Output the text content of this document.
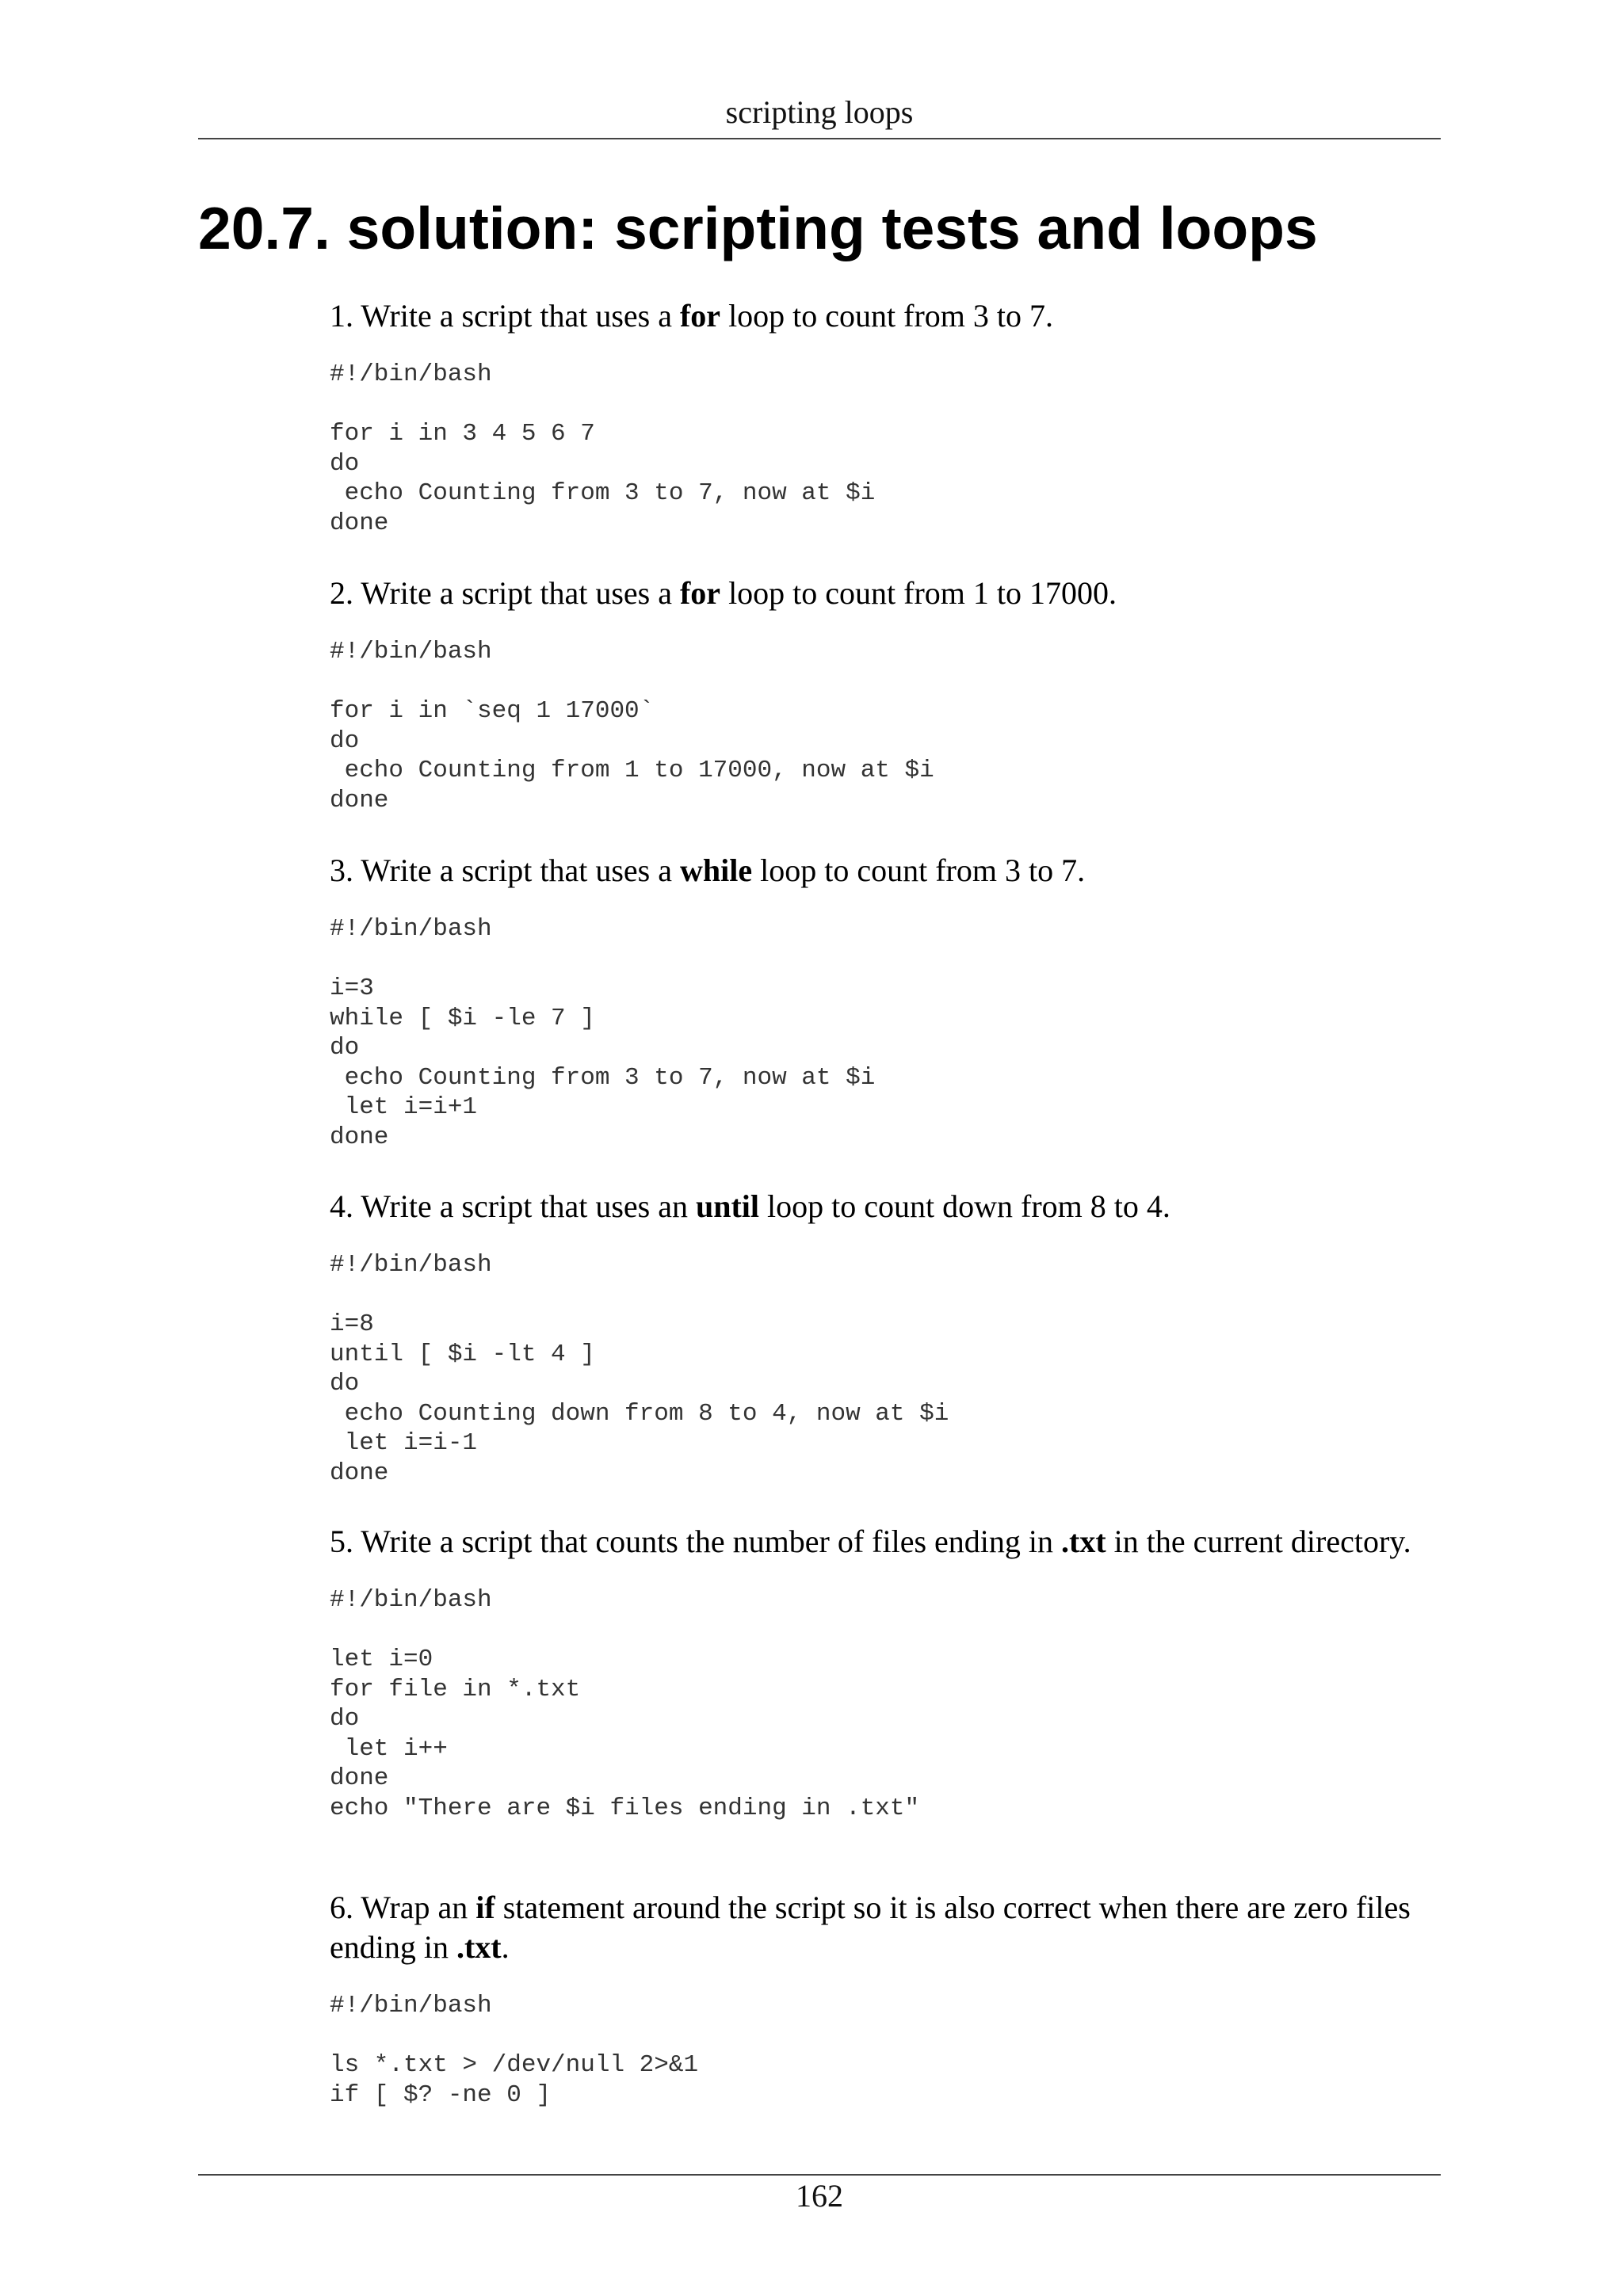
scripting loops
20.7. solution: scripting tests and loops

1. Write a script that uses a for loop to count from 3 to 7.

#!/bin/bash

for i in 3 4 5 6 7
do
echo Counting from 3 to 7, now at $i
done

2. Write a script that uses a for loop to count from 1 to 17000.

#!/bin/bash

for i in `seq 1 17000`
do
echo Counting from 1 to 17000, now at $i
done

3. Write a script that uses a while loop to count from 3 to 7.

#!/bin/bash

i=3
while [ $i -le 7 ]
do
echo Counting from 3 to 7, now at $i
let i=i+1
done

4. Write a script that uses an until loop to count down from 8 to 4.

#!/bin/bash

i=8
until [ $i -lt 4 ]
do
echo Counting down from 8 to 4, now at $i
let i=i-1
done

5. Write a script that counts the number of files ending in .txt in the current directory.

#!/bin/bash

let i=0
for file in *.txt
do
let i++
done
echo "There are $i files ending in .txt"

6. Wrap an if statement around the script so it is also correct when there are zero files ending in .txt.

#!/bin/bash

ls *.txt > /dev/null 2>&1
if [ $? -ne 0 ]
162
